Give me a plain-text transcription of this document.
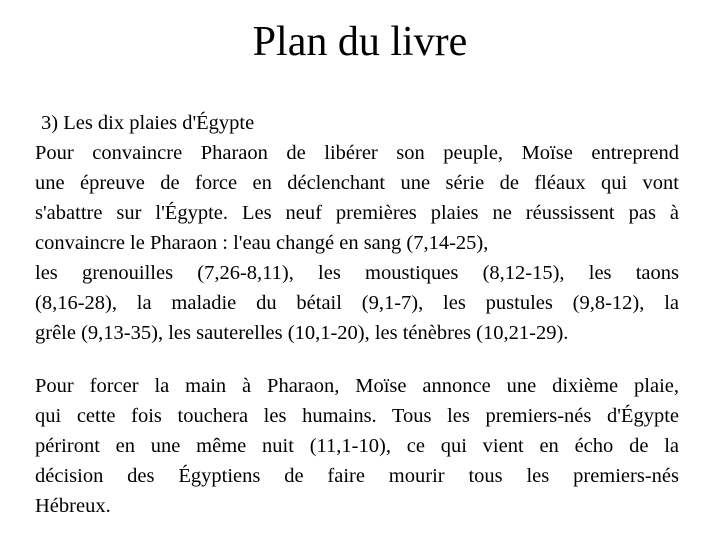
Plan du livre
3) Les dix plaies d'Égypte

Pour convaincre Pharaon de libérer son peuple, Moïse entreprend
une épreuve de force en déclenchant une série de fléaux qui vont
s'abattre sur l'Égypte. Les neuf premières plaies ne réussissent pas à
convaincre le Pharaon : l'eau changé en sang (7,14-25),
les grenouilles (7,26-8,11), les moustiques (8,12-15), les taons
(8,16-28), la maladie du bétail (9,1-7), les pustules (9,8-12), la
grêle (9,13-35), les sauterelles (10,1-20), les ténèbres (10,21-29).

Pour forcer la main à Pharaon, Moïse annonce une dixième plaie,
qui cette fois touchera les humains. Tous les premiers-nés d'Égypte
périront en une même nuit (11,1-10), ce qui vient en écho de la
décision des Égyptiens de faire mourir tous les premiers-nés
Hébreux.
